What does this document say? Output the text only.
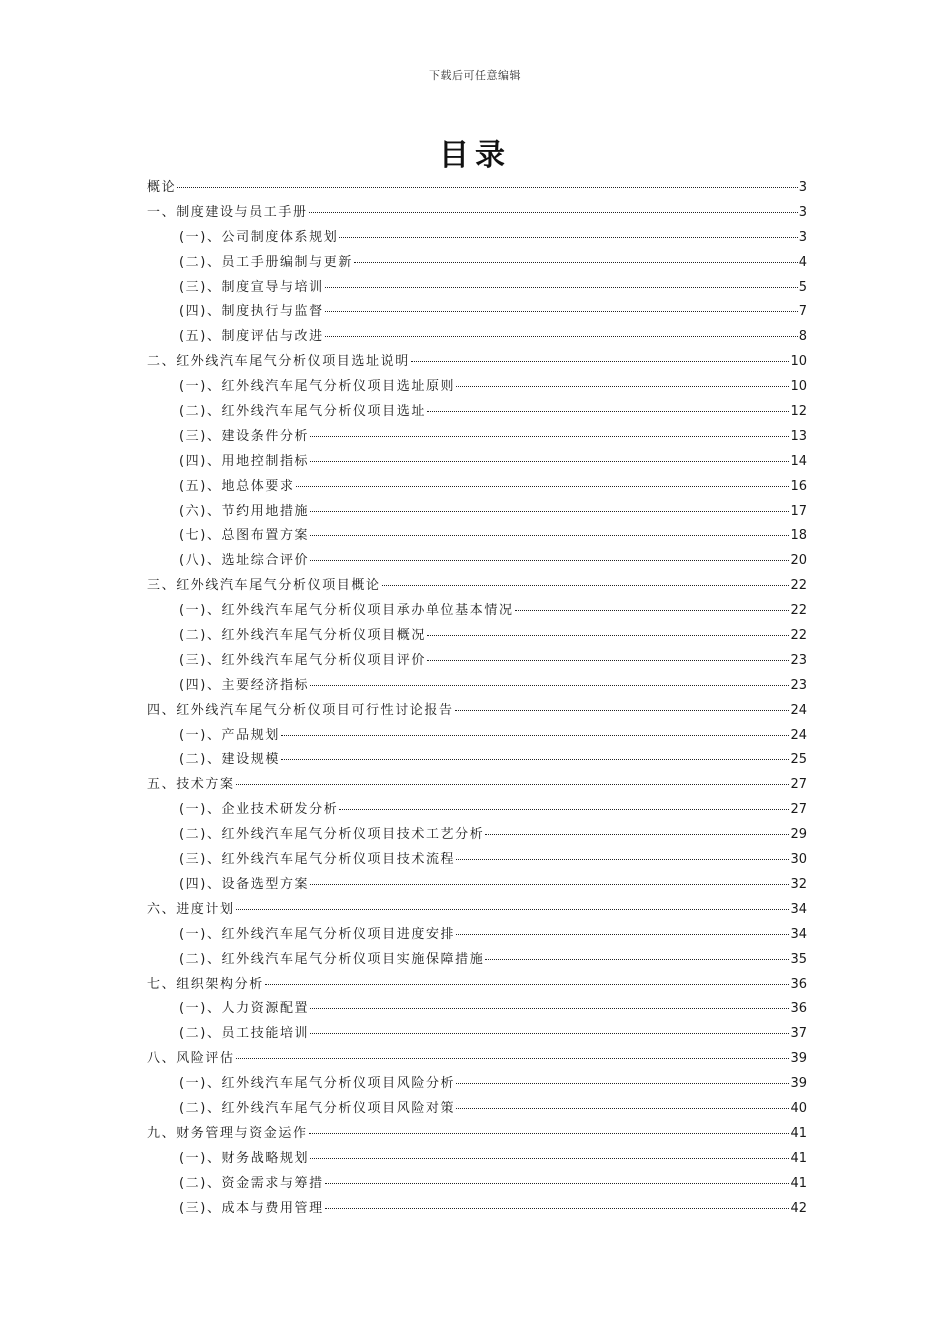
下载后可任意编辑
目录
概论	3
一、制度建设与员工手册	3
(一)、公司制度体系规划	3
(二)、员工手册编制与更新	4
(三)、制度宣导与培训	5
(四)、制度执行与监督	7
(五)、制度评估与改进	8
二、红外线汽车尾气分析仪项目选址说明	10
(一)、红外线汽车尾气分析仪项目选址原则	10
(二)、红外线汽车尾气分析仪项目选址	12
(三)、建设条件分析	13
(四)、用地控制指标	14
(五)、地总体要求	16
(六)、节约用地措施	17
(七)、总图布置方案	18
(八)、选址综合评价	20
三、红外线汽车尾气分析仪项目概论	22
(一)、红外线汽车尾气分析仪项目承办单位基本情况	22
(二)、红外线汽车尾气分析仪项目概况	22
(三)、红外线汽车尾气分析仪项目评价	23
(四)、主要经济指标	23
四、红外线汽车尾气分析仪项目可行性讨论报告	24
(一)、产品规划	24
(二)、建设规模	25
五、技术方案	27
(一)、企业技术研发分析	27
(二)、红外线汽车尾气分析仪项目技术工艺分析	29
(三)、红外线汽车尾气分析仪项目技术流程	30
(四)、设备选型方案	32
六、进度计划	34
(一)、红外线汽车尾气分析仪项目进度安排	34
(二)、红外线汽车尾气分析仪项目实施保障措施	35
七、组织架构分析	36
(一)、人力资源配置	36
(二)、员工技能培训	37
八、风险评估	39
(一)、红外线汽车尾气分析仪项目风险分析	39
(二)、红外线汽车尾气分析仪项目风险对策	40
九、财务管理与资金运作	41
(一)、财务战略规划	41
(二)、资金需求与筹措	41
(三)、成本与费用管理	42
